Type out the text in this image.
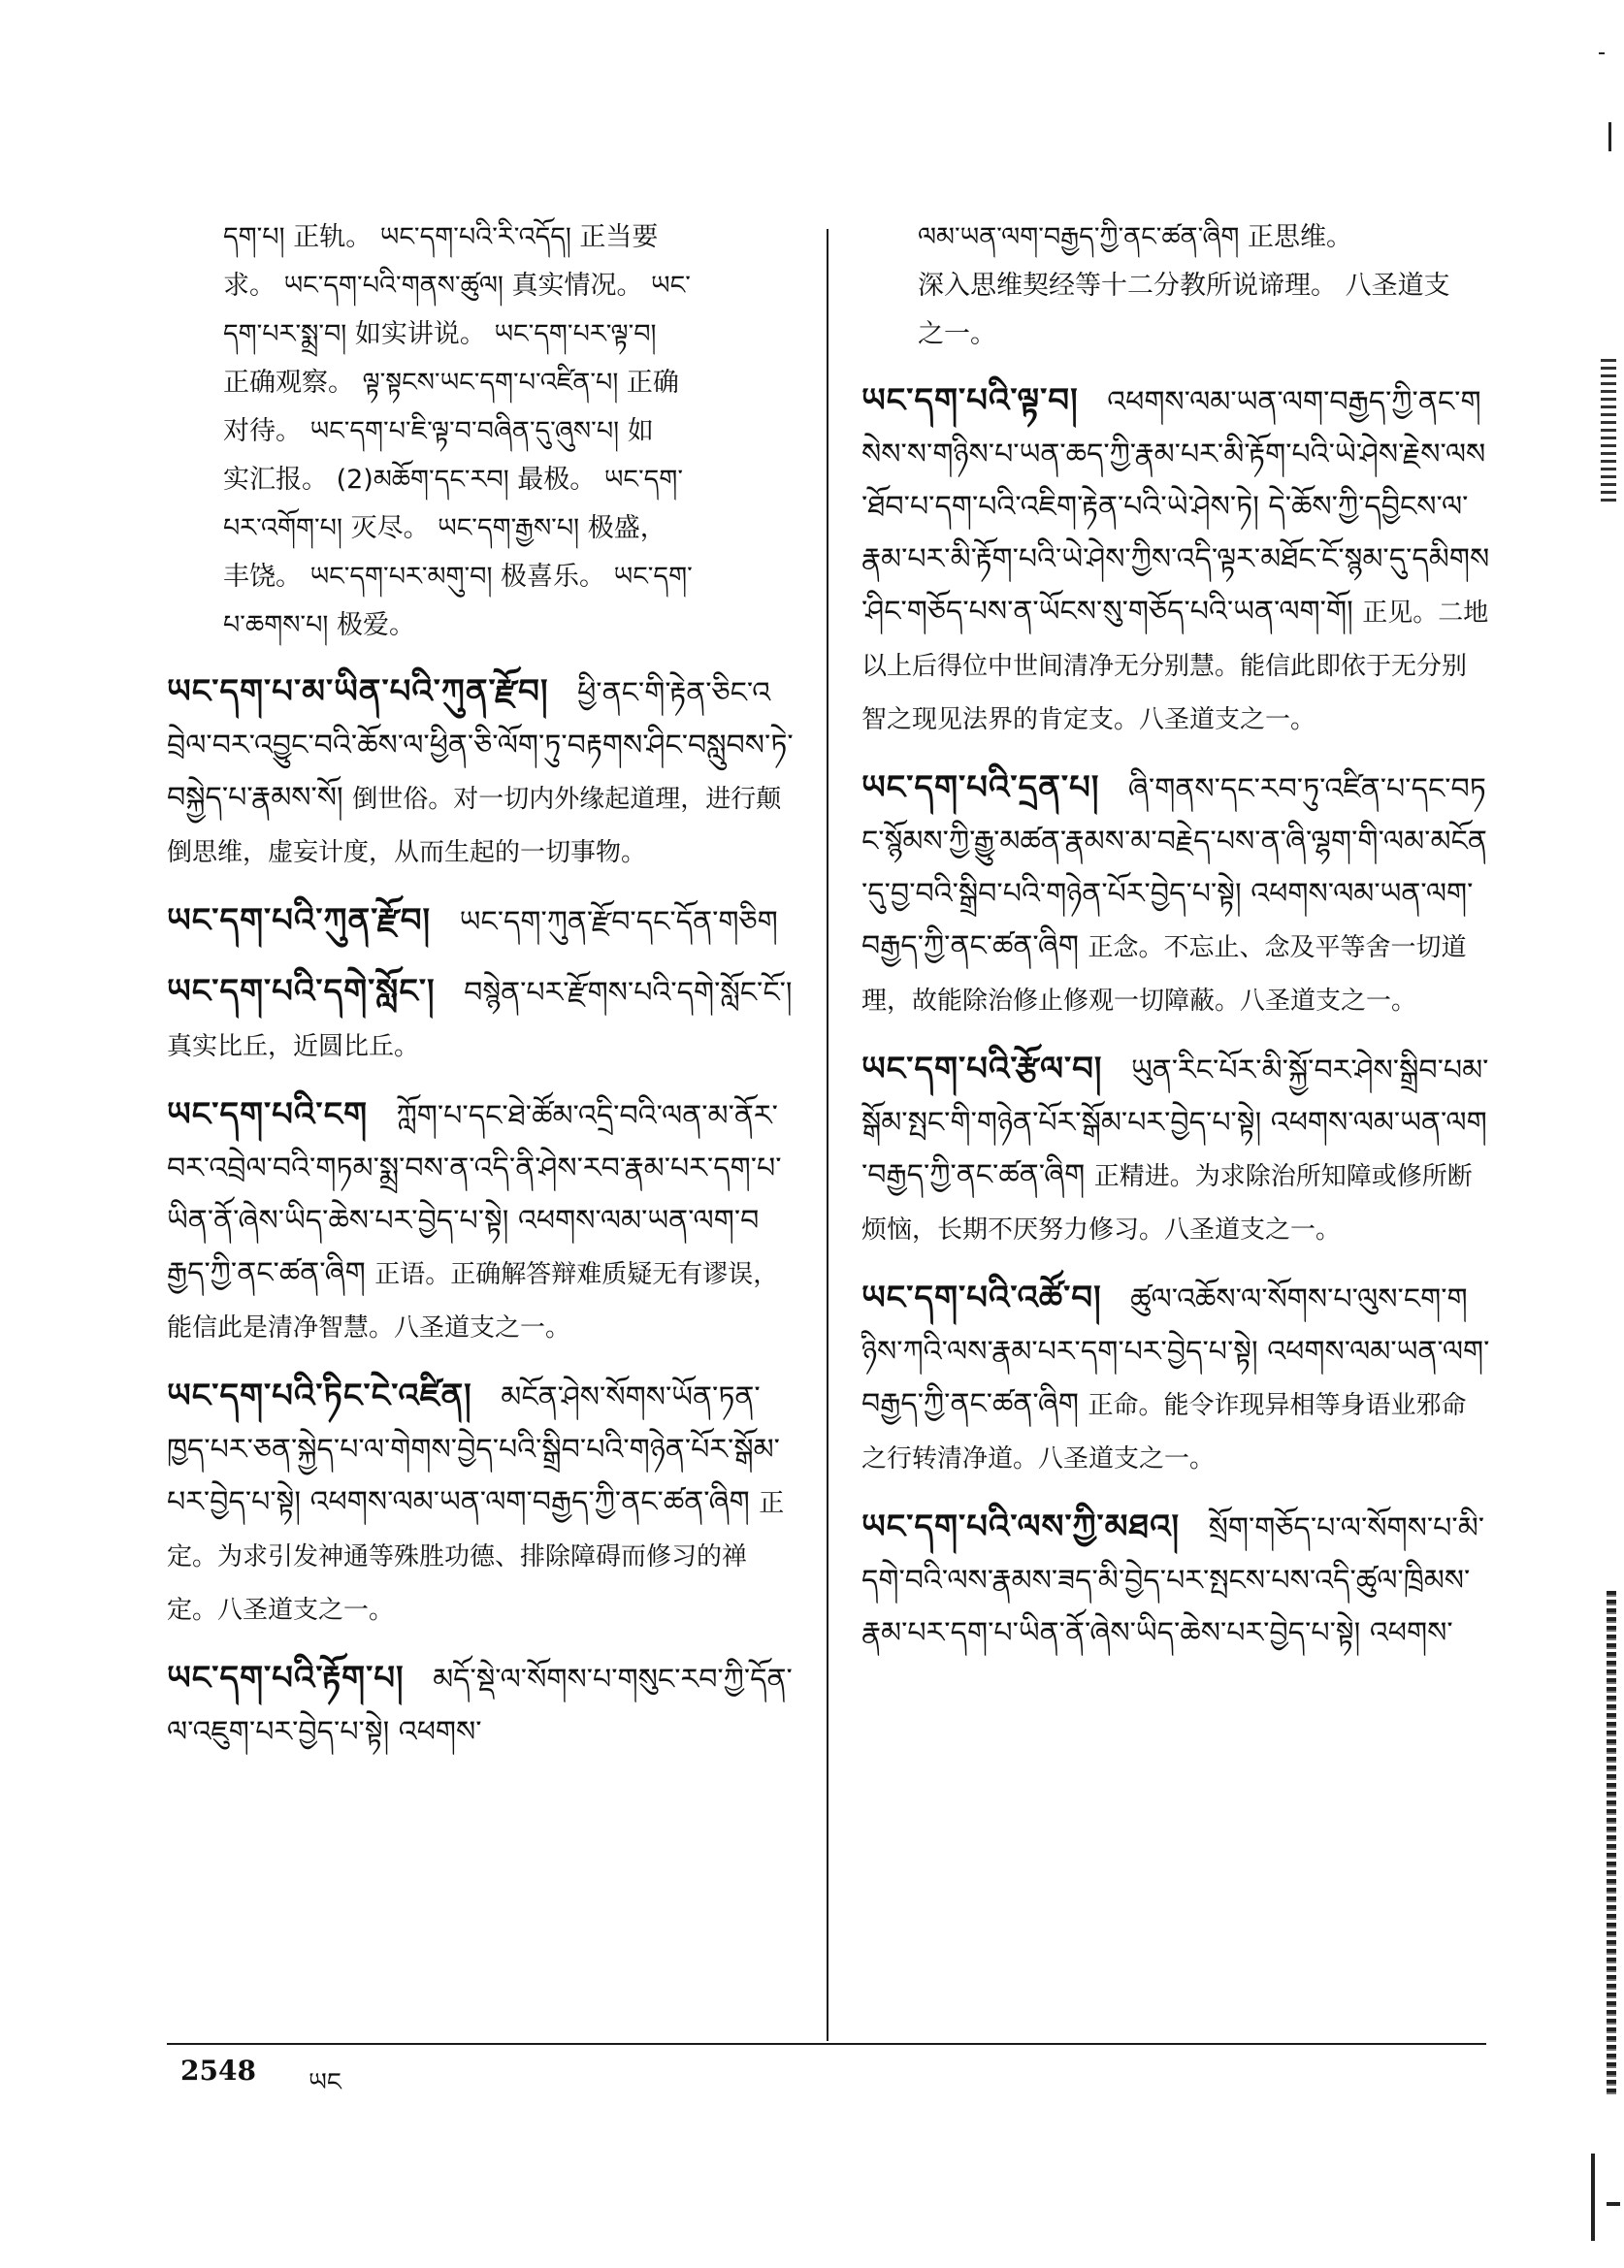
དག་པ། 正轨。 ཡང་དག་པའི་རི་འདོད། 正当要

求。 ཡང་དག་པའི་གནས་ཚུལ། 真实情况。 ཡང་

དག་པར་སྨྲ་བ། 如实讲说。 ཡང་དག་པར་ལྟ་བ།

正确观察。 ལྟ་སྟངས་ཡང་དག་པ་འཛིན་པ། 正确

对待。 ཡང་དག་པ་ཇི་ལྟ་བ་བཞིན་དུ་ཞུས་པ། 如

实汇报。 (2)མཆོག་དང་རབ། 最极。 ཡང་དག་

པར་འགོག་པ། 灭尽。 ཡང་དག་རྒྱས་པ། 极盛，

丰饶。 ཡང་དག་པར་མགུ་བ། 极喜乐。 ཡང་དག་

པ་ཆགས་པ། 极爱。

ཡང་དག་པ་མ་ཡིན་པའི་ཀུན་རྫོབ། ཕྱི་ནང་གི་རྟེན་ཅིང་འབྲེལ་བར་འབྱུང་བའི་ཆོས་ལ་ཕྱིན་ཅི་ལོག་ཏུ་བརྟགས་ཤིང་བསླུབས་ཏེ་བསྐྱེད་པ་རྣམས་སོ། 倒世俗。对一切内外缘起道理，进行颠倒思维，虚妄计度，从而生起的一切事物。

ཡང་དག་པའི་ཀུན་རྫོབ། ཡང་དག་ཀུན་རྫོབ་དང་དོན་གཅིག

ཡང་དག་པའི་དགེ་སློང་། བསྙེན་པར་རྫོགས་པའི་དགེ་སློང་ངོ་། 真实比丘，近圆比丘。

ཡང་དག་པའི་ངག ཀློག་པ་དང་ཐེ་ཚོམ་འདྲི་བའི་ལན་མ་ནོར་བར་འབྲེལ་བའི་གཏམ་སྨྲ་བས་ན་འདི་ནི་ཤེས་རབ་རྣམ་པར་དག་པ་ཡིན་ནོ་ཞེས་ཡིད་ཆེས་པར་བྱེད་པ་སྟེ། འཕགས་ལམ་ཡན་ལག་བརྒྱད་ཀྱི་ནང་ཚན་ཞིག 正语。正确解答辩难质疑无有谬误，能信此是清净智慧。八圣道支之一。

ཡང་དག་པའི་ཏིང་ངེ་འཛིན། མངོན་ཤེས་སོགས་ཡོན་ཏན་ཁྱད་པར་ཅན་སྐྱེད་པ་ལ་གེགས་བྱེད་པའི་སྒྲིབ་པའི་གཉེན་པོར་སྒོམ་པར་བྱེད་པ་སྟེ། འཕགས་ལམ་ཡན་ལག་བརྒྱད་ཀྱི་ནང་ཚན་ཞིག 正定。为求引发神通等殊胜功德、排除障碍而修习的禅定。八圣道支之一。

ཡང་དག་པའི་རྟོག་པ། མདོ་སྡེ་ལ་སོགས་པ་གསུང་རབ་ཀྱི་དོན་ལ་འཇུག་པར་བྱེད་པ་སྟེ། འཕགས་

ལམ་ཡན་ལག་བརྒྱད་ཀྱི་ནང་ཚན་ཞིག 正思维。

深入思维契经等十二分教所说谛理。 八圣道支

之一。

ཡང་དག་པའི་ལྟ་བ། འཕགས་ལམ་ཡན་ལག་བརྒྱད་ཀྱི་ནང་གསེས་ས་གཉིས་པ་ཡན་ཆད་ཀྱི་རྣམ་པར་མི་རྟོག་པའི་ཡེ་ཤེས་རྗེས་ལས་ཐོབ་པ་དག་པའི་འཇིག་རྟེན་པའི་ཡེ་ཤེས་ཏེ། དེ་ཆོས་ཀྱི་དབྱིངས་ལ་རྣམ་པར་མི་རྟོག་པའི་ཡེ་ཤེས་ཀྱིས་འདི་ལྟར་མཐོང་ངོ་སྙམ་དུ་དམིགས་ཤིང་གཅོད་པས་ན་ཡོངས་སུ་གཅོད་པའི་ཡན་ལག་གོ། 正见。二地以上后得位中世间清净无分别慧。能信此即依于无分别智之现见法界的肯定支。八圣道支之一。

ཡང་དག་པའི་དྲན་པ། ཞི་གནས་དང་རབ་ཏུ་འཛིན་པ་དང་བཏང་སྙོམས་ཀྱི་རྒྱུ་མཚན་རྣམས་མ་བརྗེད་པས་ན་ཞི་ལྷག་གི་ལམ་མངོན་དུ་བྱ་བའི་སྒྲིབ་པའི་གཉེན་པོར་བྱེད་པ་སྟེ། འཕགས་ལམ་ཡན་ལག་བརྒྱད་ཀྱི་ནང་ཚན་ཞིག 正念。不忘止、念及平等舍一切道理，故能除治修止修观一切障蔽。八圣道支之一。

ཡང་དག་པའི་རྩོལ་བ། ཡུན་རིང་པོར་མི་སྐྱོ་བར་ཤེས་སྒྲིབ་པམ་སྒོམ་སྤང་གི་གཉེན་པོར་སྒོམ་པར་བྱེད་པ་སྟེ། འཕགས་ལམ་ཡན་ལག་བརྒྱད་ཀྱི་ནང་ཚན་ཞིག 正精进。为求除治所知障或修所断烦恼，长期不厌努力修习。八圣道支之一。

ཡང་དག་པའི་འཚོ་བ། ཚུལ་འཆོས་ལ་སོགས་པ་ལུས་ངག་གཉིས་ཀའི་ལས་རྣམ་པར་དག་པར་བྱེད་པ་སྟེ། འཕགས་ལམ་ཡན་ལག་བརྒྱད་ཀྱི་ནང་ཚན་ཞིག 正命。能令诈现异相等身语业邪命之行转清净道。八圣道支之一。

ཡང་དག་པའི་ལས་ཀྱི་མཐའ། སྲོག་གཅོད་པ་ལ་སོགས་པ་མི་དགེ་བའི་ལས་རྣམས་ཟད་མི་བྱེད་པར་སྤངས་པས་འདི་ཚུལ་ཁྲིམས་རྣམ་པར་དག་པ་ཡིན་ནོ་ཞེས་ཡིད་ཆེས་པར་བྱེད་པ་སྟེ། འཕགས་

2548 ཡང
